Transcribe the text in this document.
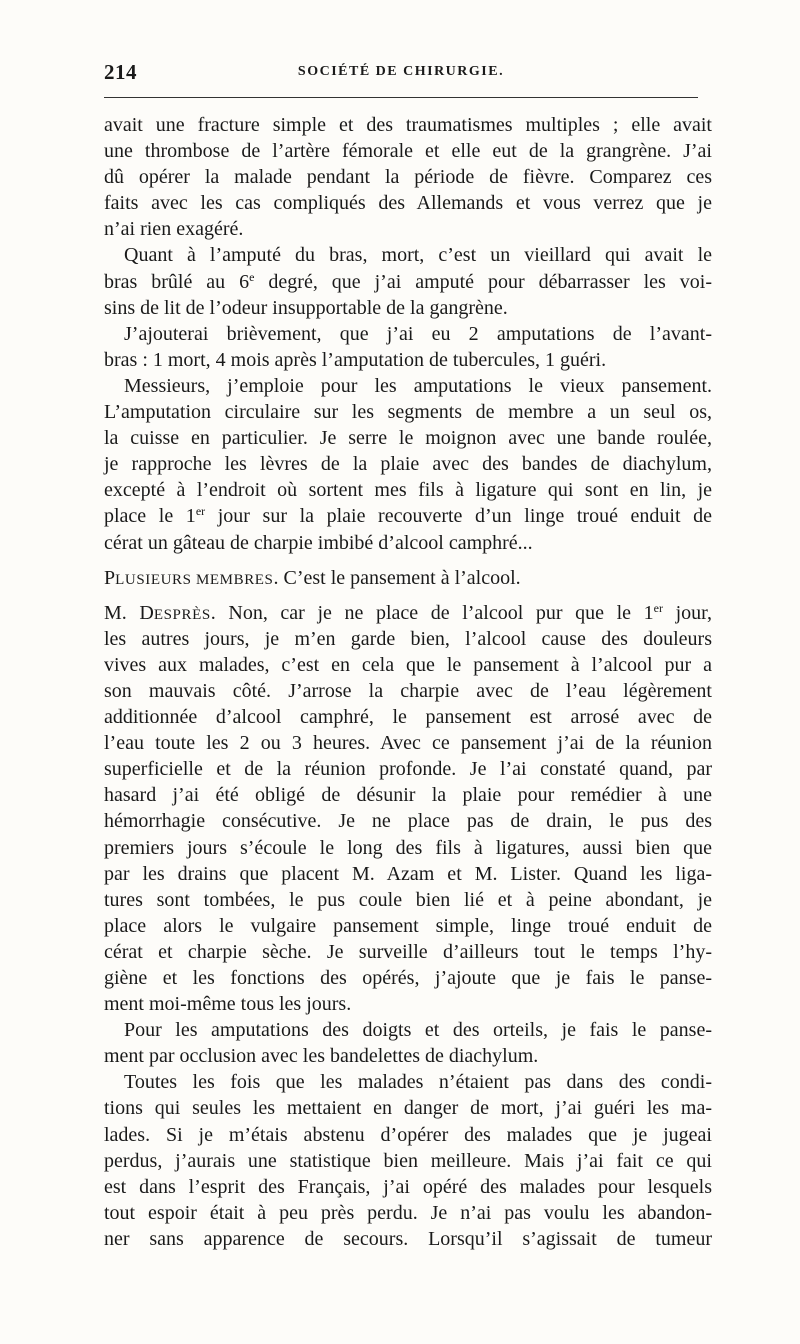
214	SOCIÉTÉ DE CHIRURGIE.
avait une fracture simple et des traumatismes multiples ; elle avait
une thrombose de l’artère fémorale et elle eut de la grangrène. J’ai
dû opérer la malade pendant la période de fièvre. Comparez ces
faits avec les cas compliqués des Allemands et vous verrez que je
n’ai rien exagéré.
Quant à l’amputé du bras, mort, c’est un vieillard qui avait le
bras brûlé au 6e degré, que j’ai amputé pour débarrasser les voi-
sins de lit de l’odeur insupportable de la gangrène.
J’ajouterai brièvement, que j’ai eu 2 amputations de l’avant-
bras : 1 mort, 4 mois après l’amputation de tubercules, 1 guéri.
Messieurs, j’emploie pour les amputations le vieux pansement.
L’amputation circulaire sur les segments de membre a un seul os,
la cuisse en particulier. Je serre le moignon avec une bande roulée,
je rapproche les lèvres de la plaie avec des bandes de diachylum,
excepté à l’endroit où sortent mes fils à ligature qui sont en lin, je
place le 1er jour sur la plaie recouverte d’un linge troué enduit de
cérat un gâteau de charpie imbibé d’alcool camphré...
PLUSIEURS MEMBRES. C’est le pansement à l’alcool.
M. DESPRÈS. Non, car je ne place de l’alcool pur que le 1er jour,
les autres jours, je m’en garde bien, l’alcool cause des douleurs
vives aux malades, c’est en cela que le pansement à l’alcool pur a
son mauvais côté. J’arrose la charpie avec de l’eau légèrement
additionnée d’alcool camphré, le pansement est arrosé avec de
l’eau toute les 2 ou 3 heures. Avec ce pansement j’ai de la réunion
superficielle et de la réunion profonde. Je l’ai constaté quand, par
hasard j’ai été obligé de désunir la plaie pour remédier à une
hémorrhagie consécutive. Je ne place pas de drain, le pus des
premiers jours s’écoule le long des fils à ligatures, aussi bien que
par les drains que placent M. Azam et M. Lister. Quand les liga-
tures sont tombées, le pus coule bien lié et à peine abondant, je
place alors le vulgaire pansement simple, linge troué enduit de
cérat et charpie sèche. Je surveille d’ailleurs tout le temps l’hy-
giène et les fonctions des opérés, j’ajoute que je fais le panse-
ment moi-même tous les jours.
Pour les amputations des doigts et des orteils, je fais le panse-
ment par occlusion avec les bandelettes de diachylum.
Toutes les fois que les malades n’étaient pas dans des condi-
tions qui seules les mettaient en danger de mort, j’ai guéri les ma-
lades. Si je m’étais abstenu d’opérer des malades que je jugeai
perdus, j’aurais une statistique bien meilleure. Mais j’ai fait ce qui
est dans l’esprit des Français, j’ai opéré des malades pour lesquels
tout espoir était à peu près perdu. Je n’ai pas voulu les abandon-
ner sans apparence de secours. Lorsqu’il s’agissait de tumeur
